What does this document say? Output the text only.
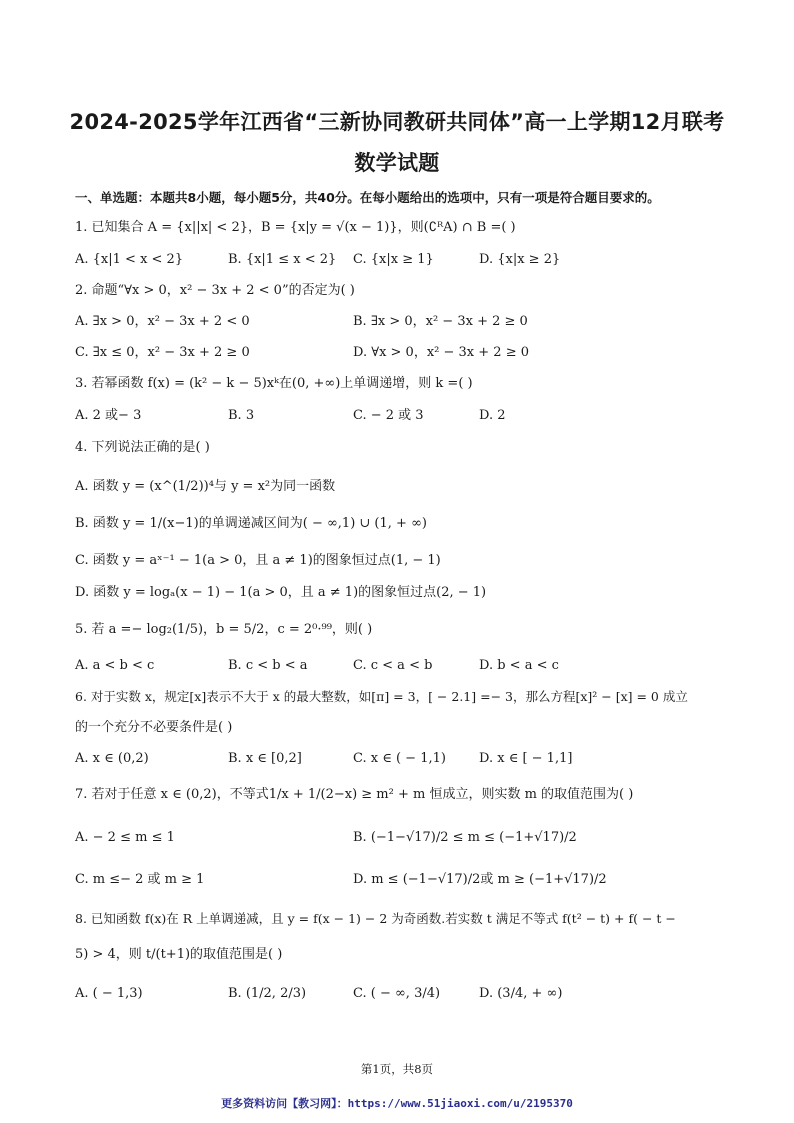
2024-2025学年江西省“三新协同教研共同体”高一上学期12月联考
数学试题
一、单选题：本题共8小题，每小题5分，共40分。在每小题给出的选项中，只有一项是符合题目要求的。
1. 已知集合 A = {x||x| < 2}，B = {x|y = √(x − 1)}，则(∁ᴿA) ∩ B =( )
A. {x|1 < x < 2}	B. {x|1 ≤ x < 2} C. {x|x ≥ 1}	D. {x|x ≥ 2}
2. 命题“∀x > 0，x² − 3x + 2 < 0”的否定为( )
A. ∃x > 0，x² − 3x + 2 < 0	B. ∃x > 0，x² − 3x + 2 ≥ 0
C. ∃x ≤ 0，x² − 3x + 2 ≥ 0	D. ∀x > 0，x² − 3x + 2 ≥ 0
3. 若幂函数 f(x) = (k² − k − 5)xᵏ在(0, +∞)上单调递增，则 k =( )
A. 2 或− 3	B. 3	C. − 2 或 3	D. 2
4. 下列说法正确的是( )
A. 函数 y = (x^(1/2))⁴与 y = x²为同一函数
B. 函数 y = 1/(x−1)的单调递减区间为( − ∞,1) ∪ (1, + ∞)
C. 函数 y = aˣ⁻¹ − 1(a > 0，且 a ≠ 1)的图象恒过点(1, − 1)
D. 函数 y = logₐ(x − 1) − 1(a > 0，且 a ≠ 1)的图象恒过点(2, − 1)
5. 若 a =− log₂(1/5)，b = 5/2，c = 2⁰·⁹⁹，则( )
A. a < b < c	B. c < b < a	C. c < a < b	D. b < a < c
6. 对于实数 x，规定[x]表示不大于 x 的最大整数，如[π] = 3，[ − 2.1] =− 3，那么方程[x]² − [x] = 0 成立
的一个充分不必要条件是( )
A. x ∈ (0,2)	B. x ∈ [0,2]	C. x ∈ ( − 1,1)	D. x ∈ [ − 1,1]
7. 若对于任意 x ∈ (0,2)，不等式1/x + 1/(2−x) ≥ m² + m 恒成立，则实数 m 的取值范围为( )
A. − 2 ≤ m ≤ 1	B. (−1−√17)/2 ≤ m ≤ (−1+√17)/2
C. m ≤− 2 或 m ≥ 1	D. m ≤ (−1−√17)/2或 m ≥ (−1+√17)/2
8. 已知函数 f(x)在 R 上单调递减，且 y = f(x − 1) − 2 为奇函数.若实数 t 满足不等式 f(t² − t) + f( − t −
5) > 4，则 t/(t+1)的取值范围是( )
A. ( − 1,3)	B. (1/2, 2/3)	C. ( − ∞, 3/4)	D. (3/4, + ∞)
第1页，共8页
更多资料访问【教习网】：https://www.51jiaoxi.com/u/2195370
